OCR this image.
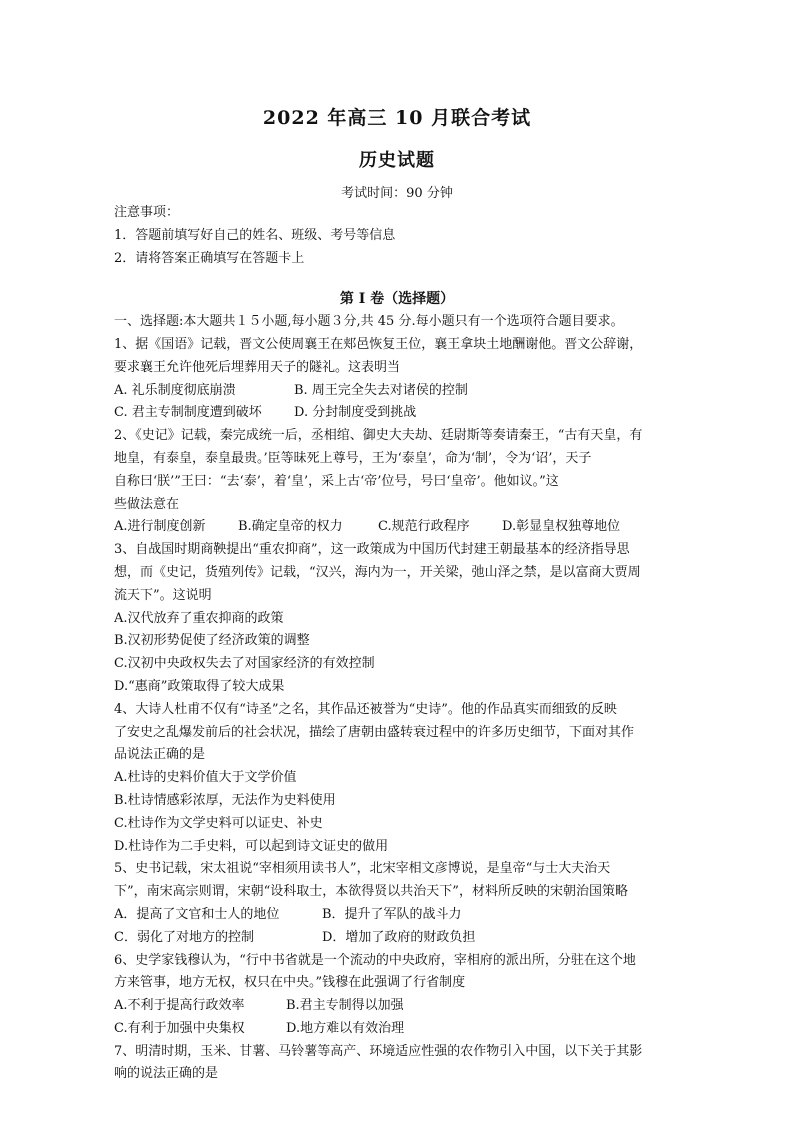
2022 年高三 10 月联合考试
历史试题
考试时间：90 分钟
注意事项：
1．答题前填写好自己的姓名、班级、考号等信息
2．请将答案正确填写在答题卡上
第 I 卷（选择题）
一、选择题:本大题共１５小题,每小题３分,共 45 分.每小题只有一个选项符合题目要求。
1、据《国语》记载，晋文公使周襄王在郏邑恢复王位，襄王拿块土地酬谢他。晋文公辞谢，
要求襄王允许他死后埋葬用天子的隧礼。这表明当
A. 礼乐制度彻底崩溃	B. 周王完全失去对诸侯的控制
C. 君主专制制度遭到破坏 D. 分封制度受到挑战
2、《史记》记载，秦完成统一后，丞相绾、御史大夫劫、廷尉斯等奏请秦王，“古有天皇，有
地皇，有泰皇，泰皇最贵。’臣等昧死上尊号，王为‘泰皇’，命为‘制’，令为‘诏’，天子
自称曰‘朕’”王曰：“去‘泰’，着‘皇’，采上古‘帝’位号，号曰‘皇帝’。他如议。”这
些做法意在
A.进行制度创新 B.确定皇帝的权力	C.规范行政程序 D.彰显皇权独尊地位
3、自战国时期商鞅提出“重农抑商”，这一政策成为中国历代封建王朝最基本的经济指导思
想，而《史记，货殖列传》记载，“汉兴，海内为一，开关梁，弛山泽之禁，是以富商大贾周
流天下”。这说明
A.汉代放弃了重农抑商的政策
B.汉初形势促使了经济政策的调整
C.汉初中央政权失去了对国家经济的有效控制
D.“惠商”政策取得了较大成果
4、大诗人杜甫不仅有“诗圣”之名，其作品还被誉为“史诗”。他的作品真实而细致的反映
了安史之乱爆发前后的社会状况，描绘了唐朝由盛转衰过程中的许多历史细节，下面对其作
品说法正确的是
A.杜诗的史料价值大于文学价值
B.杜诗情感彩浓厚，无法作为史料使用
C.杜诗作为文学史料可以证史、补史
D.杜诗作为二手史料，可以起到诗文证史的做用
5、史书记载，宋太祖说“宰相须用读书人”，北宋宰相文彦博说，是皇帝“与士大夫治天
下”，南宋高宗则谓，宋朝“设科取士，本欲得贤以共治天下”，材料所反映的宋朝治国策略
A．提高了文官和士人的地位	B．提升了军队的战斗力
C．弱化了对地方的控制	D．增加了政府的财政负担
6、史学家钱穆认为，“行中书省就是一个流动的中央政府，宰相府的派出所，分驻在这个地
方来管事，地方无权，权只在中央。”钱穆在此强调了行省制度
A.不利于提高行政效率	B.君主专制得以加强
C.有利于加强中央集权	D.地方难以有效治理
7、明清时期，玉米、甘薯、马铃薯等高产、环境适应性强的农作物引入中国，以下关于其影
响的说法正确的是
